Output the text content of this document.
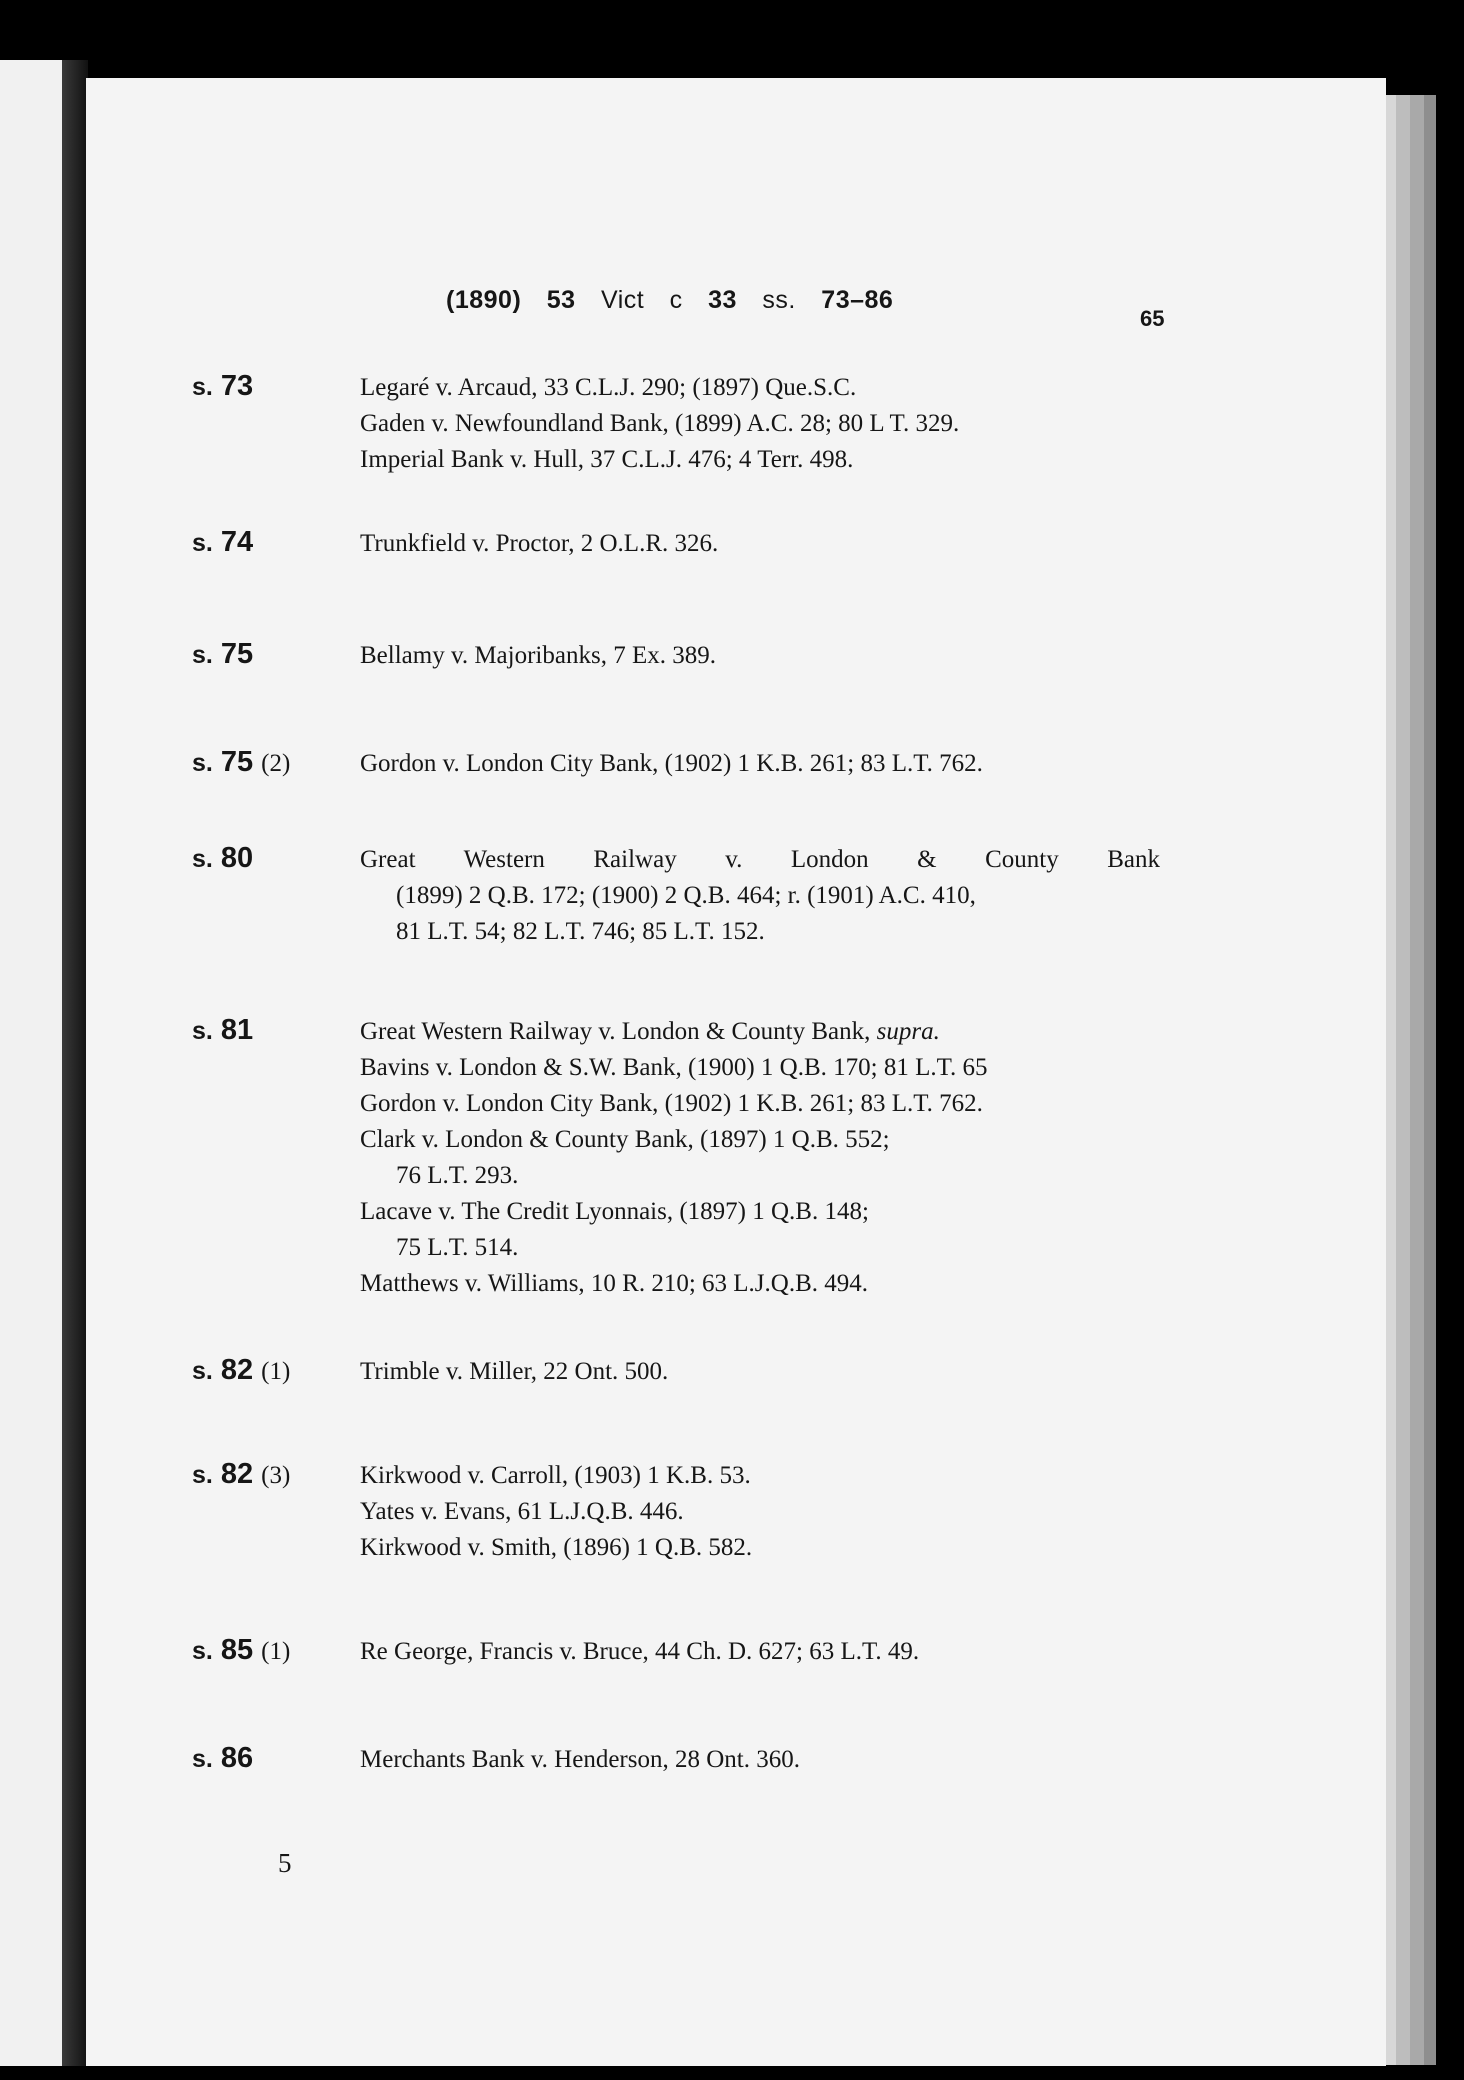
(1890) 53 Vict c 33 ss. 73–86
65
s. 73	Legaré v. Arcaud, 33 C.L.J. 290; (1897) Que.S.C.
Gaden v. Newfoundland Bank, (1899) A.C. 28; 80 L T. 329.
Imperial Bank v. Hull, 37 C.L.J. 476; 4 Terr. 498.
s. 74	Trunkfield v. Proctor, 2 O.L.R. 326.
s. 75	Bellamy v. Majoribanks, 7 Ex. 389.
s. 75 (2)	Gordon v. London City Bank, (1902) 1 K.B. 261; 83 L.T. 762.
s. 80	Great Western Railway v. London & County Bank
(1899) 2 Q.B. 172; (1900) 2 Q.B. 464; r. (1901) A.C. 410,
81 L.T. 54; 82 L.T. 746; 85 L.T. 152.
s. 81	Great Western Railway v. London & County Bank, supra.
Bavins v. London & S.W. Bank, (1900) 1 Q.B. 170; 81 L.T. 65
Gordon v. London City Bank, (1902) 1 K.B. 261; 83 L.T. 762.
Clark v. London & County Bank, (1897) 1 Q.B. 552;
76 L.T. 293.
Lacave v. The Credit Lyonnais, (1897) 1 Q.B. 148;
75 L.T. 514.
Matthews v. Williams, 10 R. 210; 63 L.J.Q.B. 494.
s. 82 (1)	Trimble v. Miller, 22 Ont. 500.
s. 82 (3)	Kirkwood v. Carroll, (1903) 1 K.B. 53.
Yates v. Evans, 61 L.J.Q.B. 446.
Kirkwood v. Smith, (1896) 1 Q.B. 582.
s. 85 (1)	Re George, Francis v. Bruce, 44 Ch. D. 627; 63 L.T. 49.
s. 86	Merchants Bank v. Henderson, 28 Ont. 360.
5
